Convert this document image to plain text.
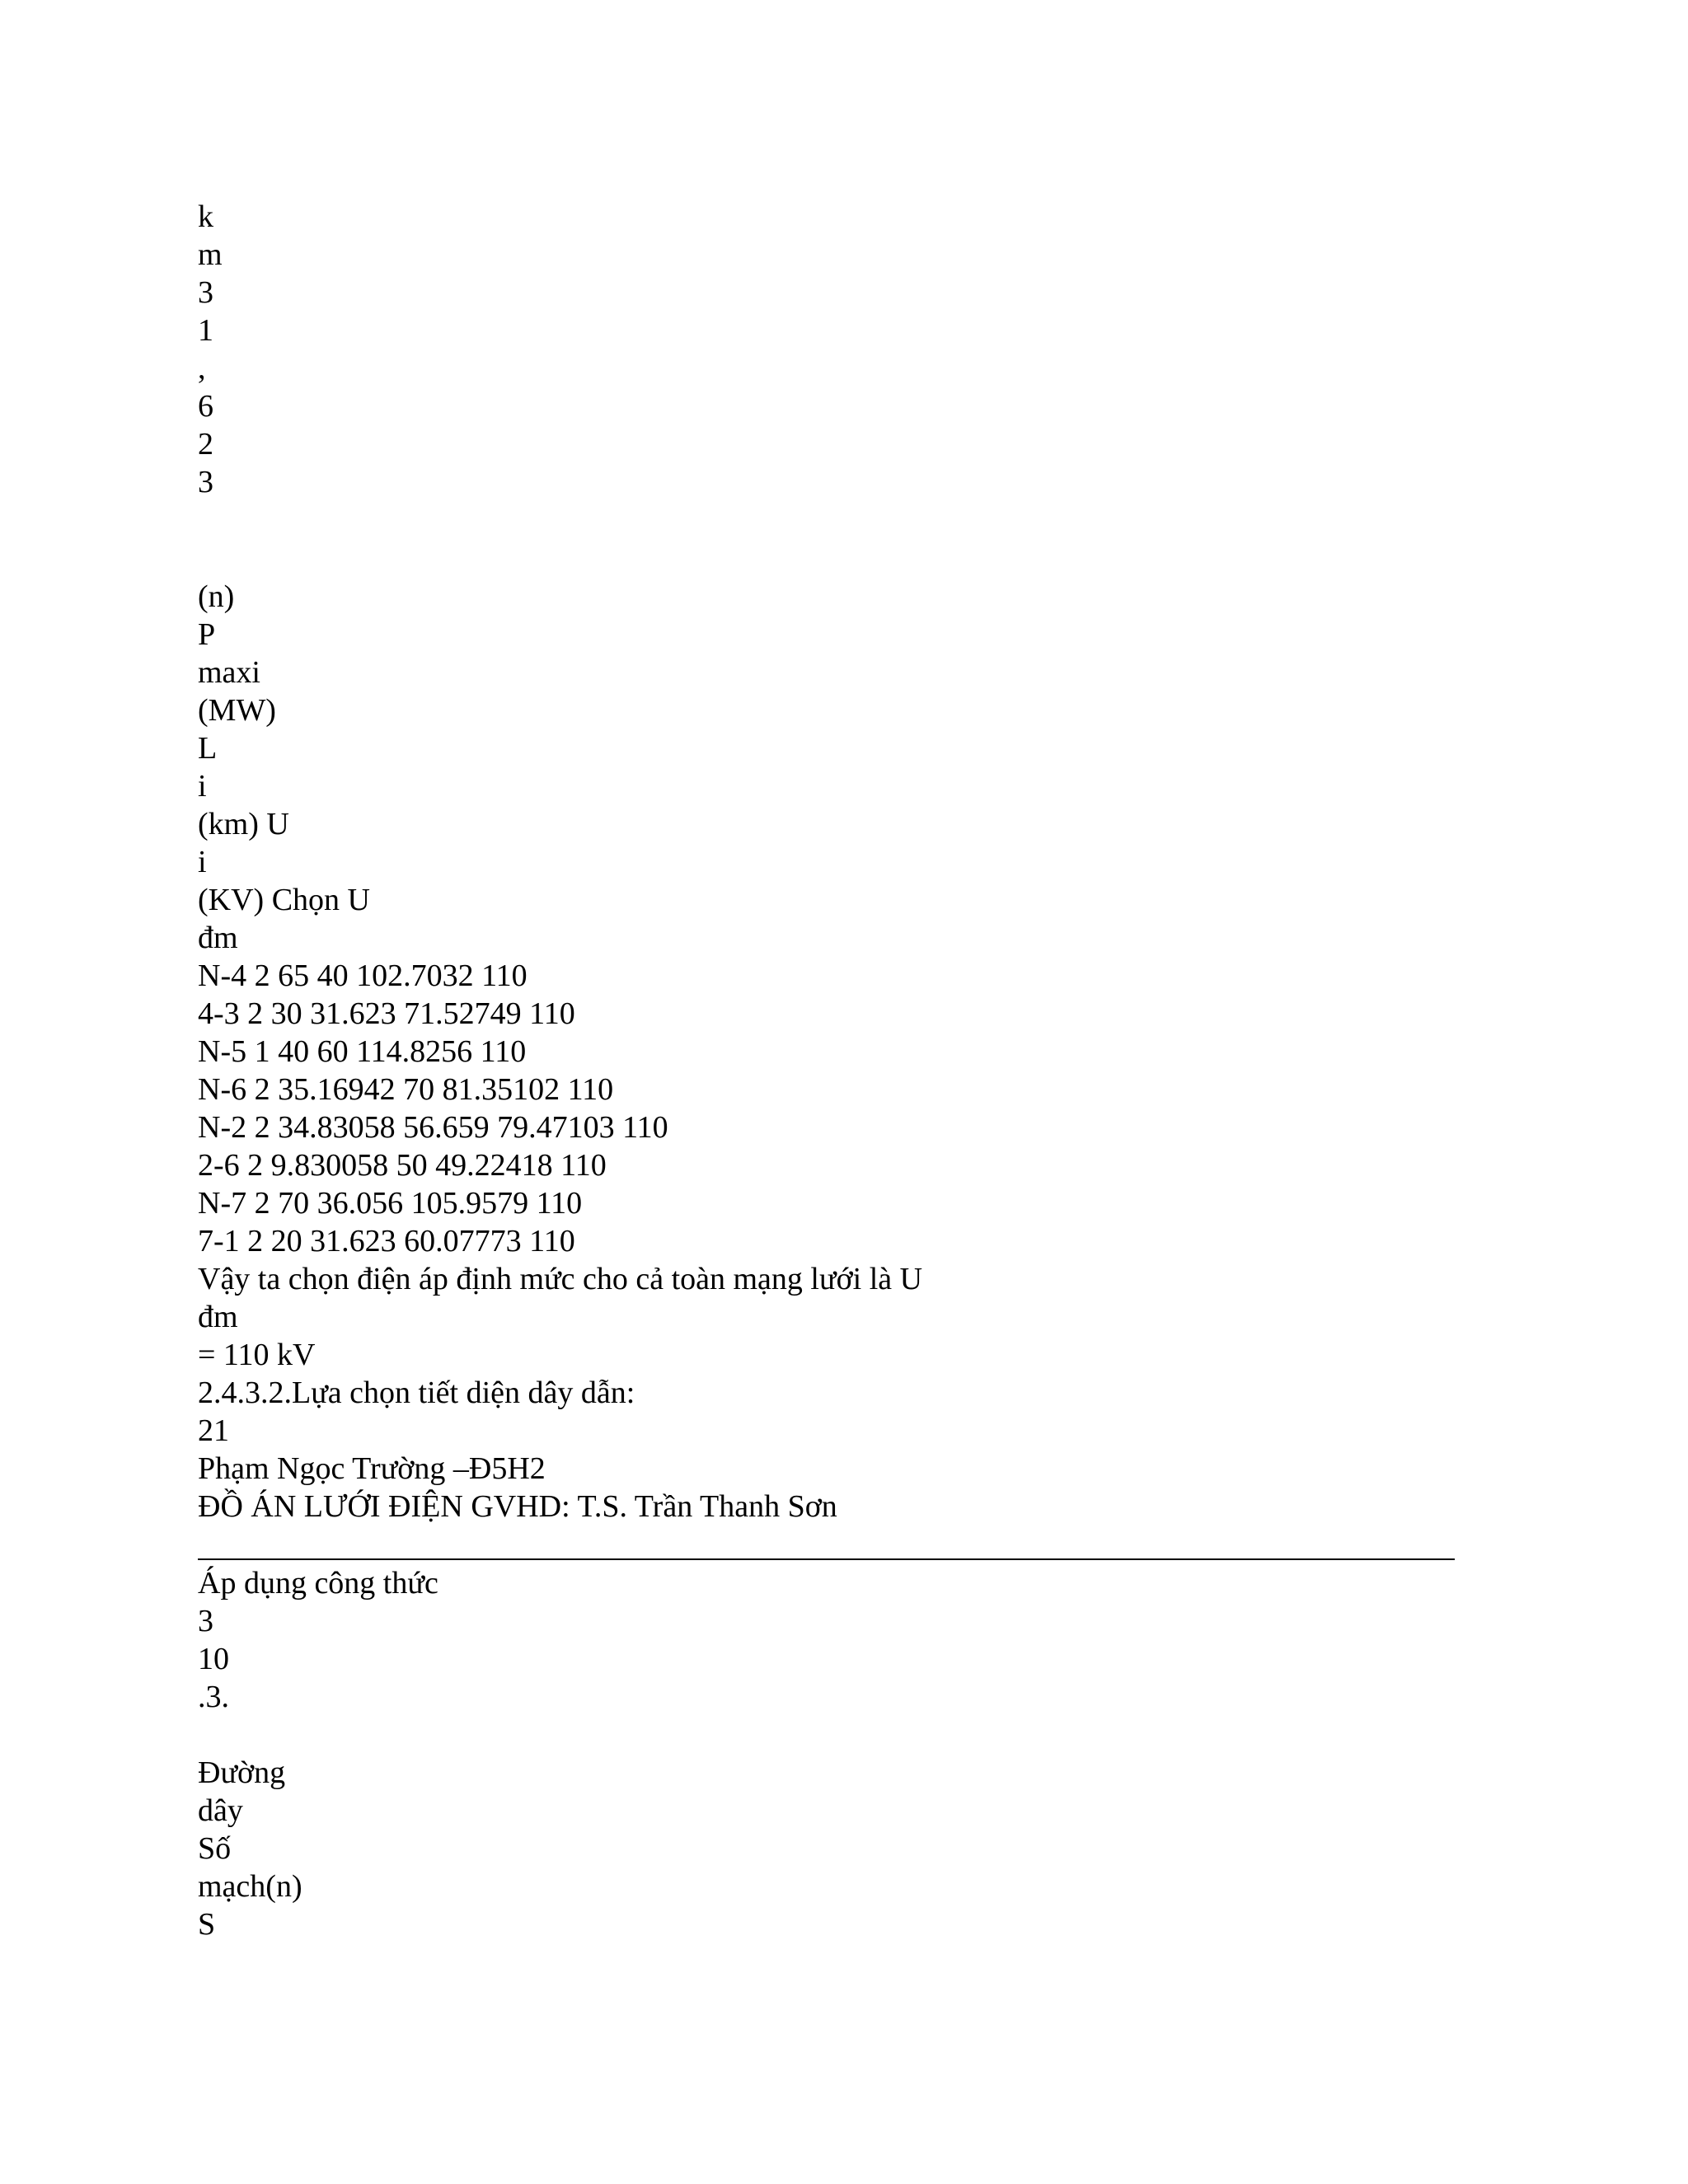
k
m
3
1
,
6
2
3
(n)
P
maxi
(MW)
L
i
(km) U
i
(KV) Chọn U
đm
N-4 2 65 40 102.7032 110
4-3 2 30 31.623 71.52749 110
N-5 1 40 60 114.8256 110
N-6 2 35.16942 70 81.35102 110
N-2 2 34.83058 56.659 79.47103 110
2-6 2 9.830058 50 49.22418 110
N-7 2 70 36.056 105.9579 110
7-1 2 20 31.623 60.07773 110
Vậy ta chọn điện áp định mức cho cả toàn mạng lưới là U
đm
= 110 kV
2.4.3.2.Lựa chọn tiết diện dây dẫn:
21
Phạm Ngọc Trường –Đ5H2
ĐỒ ÁN LƯỚI ĐIỆN GVHD: T.S. Trần Thanh Sơn
Áp dụng công thức
3
10
.3.
Đường
dây
Số
mạch(n)
S
